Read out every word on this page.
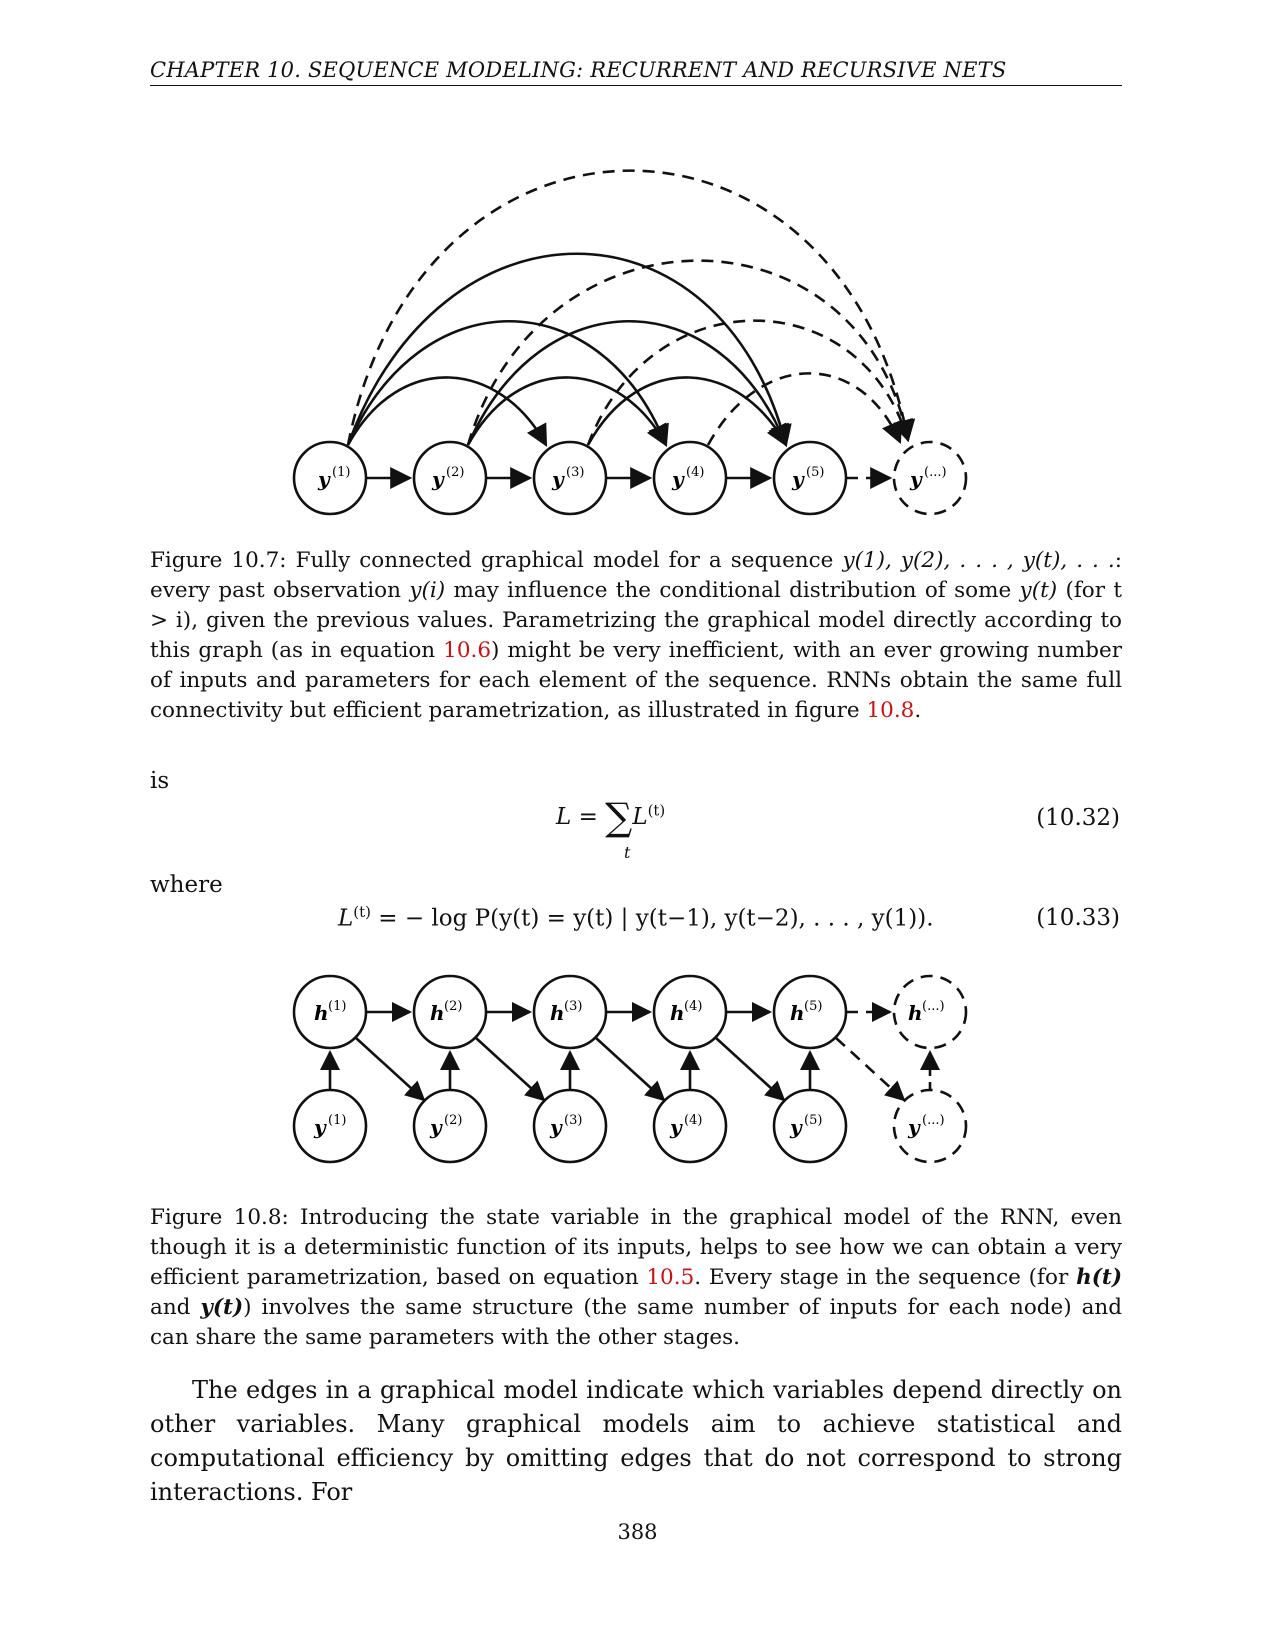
CHAPTER 10. SEQUENCE MODELING: RECURRENT AND RECURSIVE NETS
y (1)	y (2)	y (3)	y (4)	y (5)	y (...)
Figure 10.7: Fully connected graphical model for a sequence y(1), y(2), . . . , y(t), . . .: every past observation y(i) may influence the conditional distribution of some y(t) (for t > i), given the previous values. Parametrizing the graphical model directly according to this graph (as in equation 10.6) might be very inefficient, with an ever growing number of inputs and parameters for each element of the sequence. RNNs obtain the same full connectivity but efficient parametrization, as illustrated in figure 10.8.
is
$L = \sum L^{(t)}$
t
(10.32)
where
$L^{(t)}$ = − log P(y(t) = y(t) | y(t−1), y(t−2), . . . , y(1)).	(10.33)
h (1)	h (2)	h (3)	h (4)	h (5)	h (...)
y (1)	y (2)	y (3)	y (4)	y (5)	y (...)
Figure 10.8: Introducing the state variable in the graphical model of the RNN, even though it is a deterministic function of its inputs, helps to see how we can obtain a very efficient parametrization, based on equation 10.5. Every stage in the sequence (for h(t) and y(t)) involves the same structure (the same number of inputs for each node) and can share the same parameters with the other stages.
The edges in a graphical model indicate which variables depend directly on other variables. Many graphical models aim to achieve statistical and computational efficiency by omitting edges that do not correspond to strong interactions. For
388
